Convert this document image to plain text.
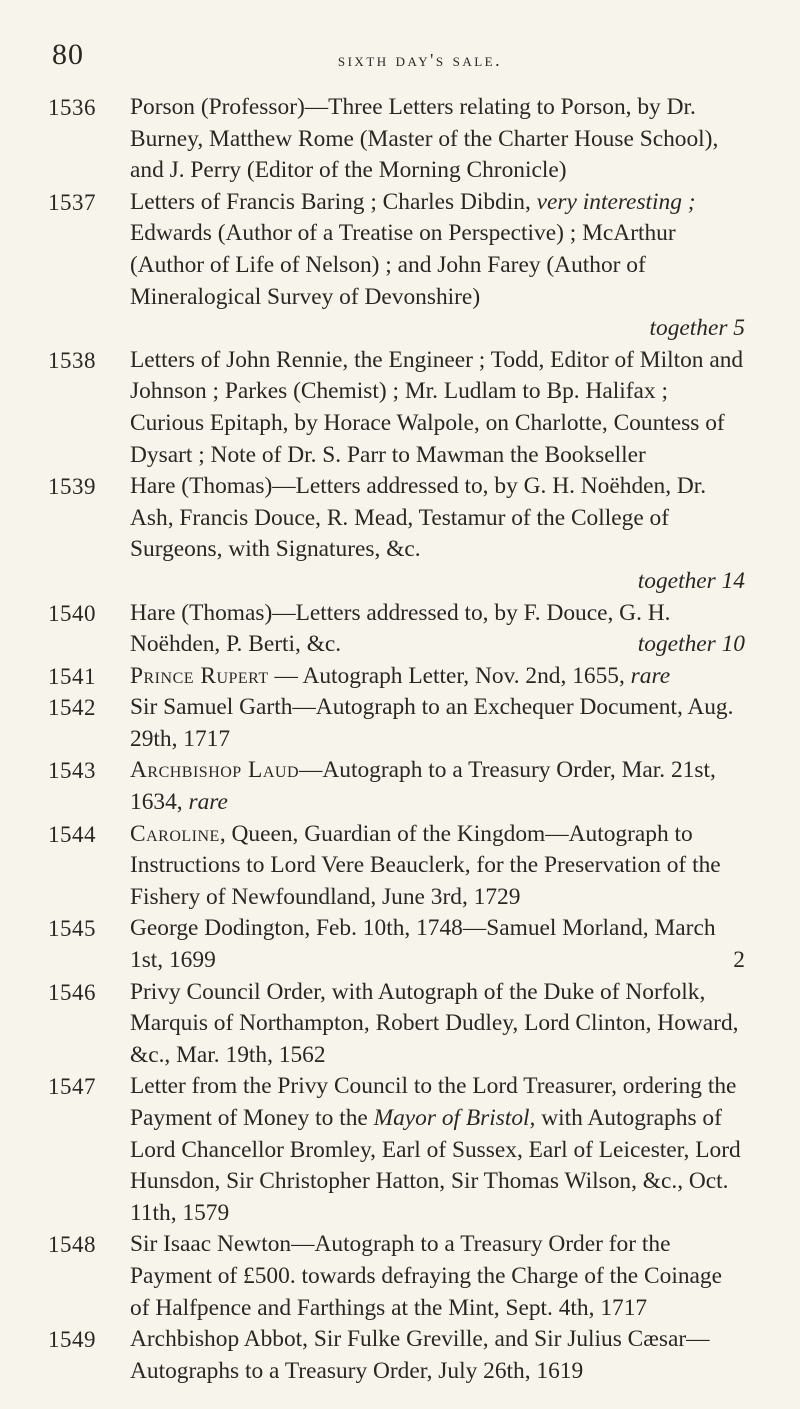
80	sixth day's sale.

1536	Porson (Professor)—Three Letters relating to Porson, by Dr. Burney, Matthew Rome (Master of the Charter House School), and J. Perry (Editor of the Morning Chronicle)

1537	Letters of Francis Baring ; Charles Dibdin, very interesting ; Edwards (Author of a Treatise on Perspective) ; McArthur (Author of Life of Nelson) ; and John Farey (Author of Mineralogical Survey of Devonshire)
together 5

1538	Letters of John Rennie, the Engineer ; Todd, Editor of Milton and Johnson ; Parkes (Chemist) ; Mr. Ludlam to Bp. Halifax ; Curious Epitaph, by Horace Walpole, on Charlotte, Countess of Dysart ; Note of Dr. S. Parr to Mawman the Bookseller

1539	Hare (Thomas)—Letters addressed to, by G. H. Noëhden, Dr. Ash, Francis Douce, R. Mead, Testamur of the College of Surgeons, with Signatures, &c.
together 14

1540	Hare (Thomas)—Letters addressed to, by F. Douce, G. H. Noëhden, P. Berti, &c.	together 10

1541	Prince Rupert — Autograph Letter, Nov. 2nd, 1655, rare

1542	Sir Samuel Garth—Autograph to an Exchequer Document, Aug. 29th, 1717

1543	Archbishop Laud—Autograph to a Treasury Order, Mar. 21st, 1634, rare

1544	Caroline, Queen, Guardian of the Kingdom—Autograph to Instructions to Lord Vere Beauclerk, for the Preservation of the Fishery of Newfoundland, June 3rd, 1729

1545	George Dodington, Feb. 10th, 1748—Samuel Morland, March 1st, 1699	2

1546	Privy Council Order, with Autograph of the Duke of Norfolk, Marquis of Northampton, Robert Dudley, Lord Clinton, Howard, &c., Mar. 19th, 1562

1547	Letter from the Privy Council to the Lord Treasurer, ordering the Payment of Money to the Mayor of Bristol, with Autographs of Lord Chancellor Bromley, Earl of Sussex, Earl of Leicester, Lord Hunsdon, Sir Christopher Hatton, Sir Thomas Wilson, &c., Oct. 11th, 1579

1548	Sir Isaac Newton—Autograph to a Treasury Order for the Payment of £500. towards defraying the Charge of the Coinage of Halfpence and Farthings at the Mint, Sept. 4th, 1717

1549	Archbishop Abbot, Sir Fulke Greville, and Sir Julius Cæsar—Autographs to a Treasury Order, July 26th, 1619
